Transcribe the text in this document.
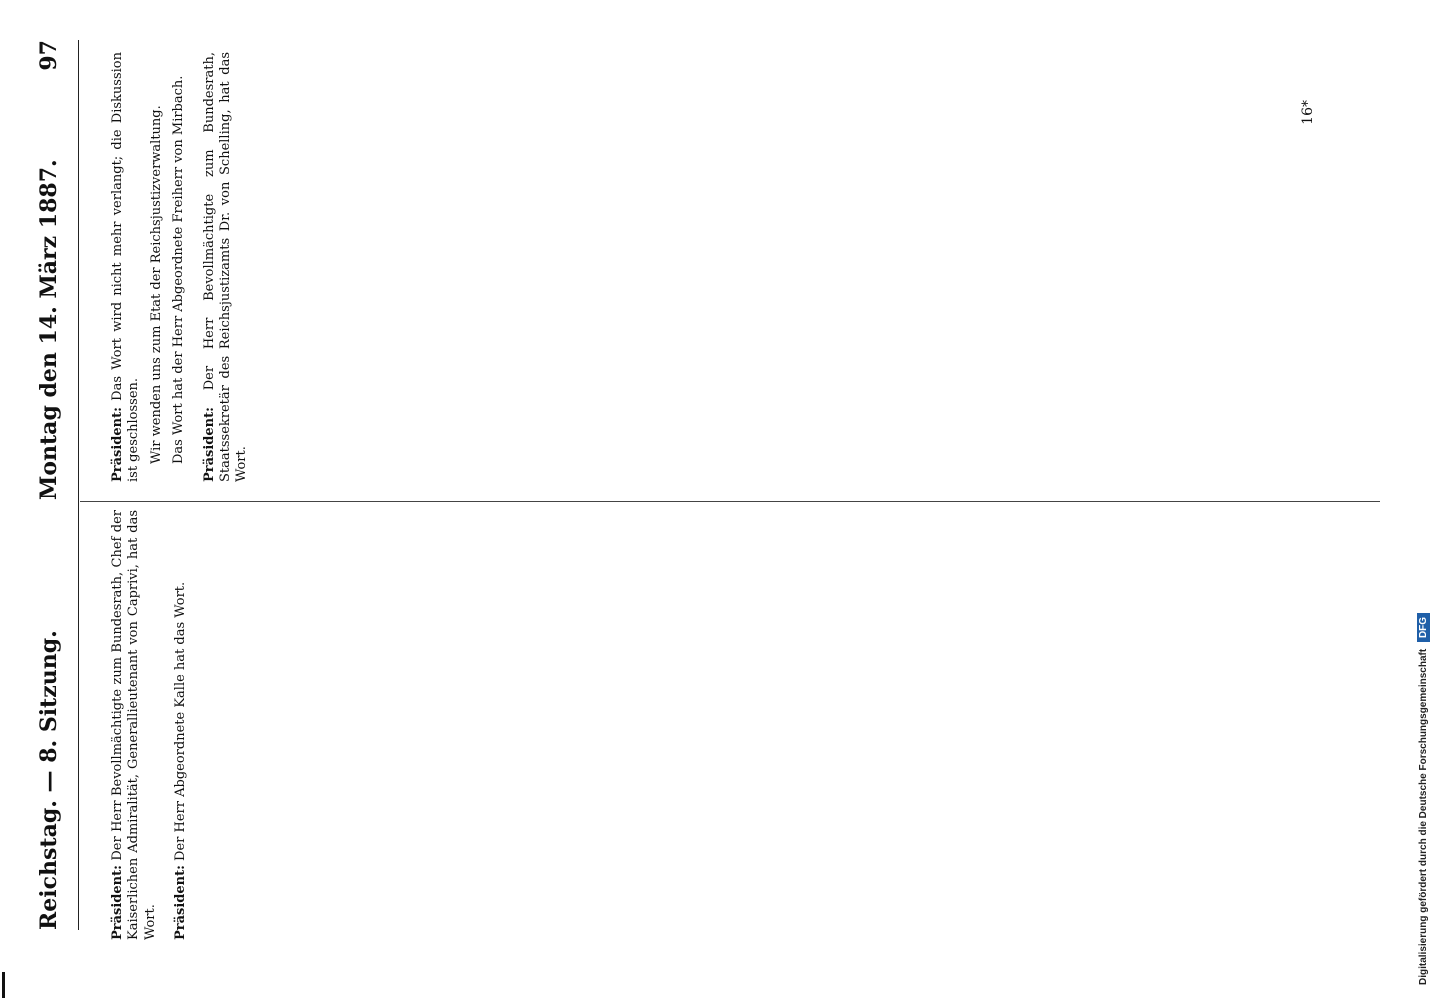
Reichstag. — 8. Sitzung.
Montag den 14. März 1887.
97

Präsident: Der Herr Bevollmächtigte zum Bundesrath, Chef der Kaiserlichen Admiralität, Generallieutenant von Caprivi, hat das Wort. Präsident: Der Herr Abgeordnete Kalle hat das Wort.

Präsident: Das Wort wird nicht mehr verlangt; die Diskussion ist geschlossen. Wir wenden uns zum Etat der Reichsjustizverwaltung. Das Wort hat der Herr Abgeordnete Freiherr von Mirbach. Präsident: Der Herr Bevollmächtigte zum Bundesrath, Staatssekretär des Reichsjustizamts Dr. von Schelling, hat das Wort.

16*
Digitalisierung gefördert durch die Deutsche Forschungsgemeinschaft DFG
